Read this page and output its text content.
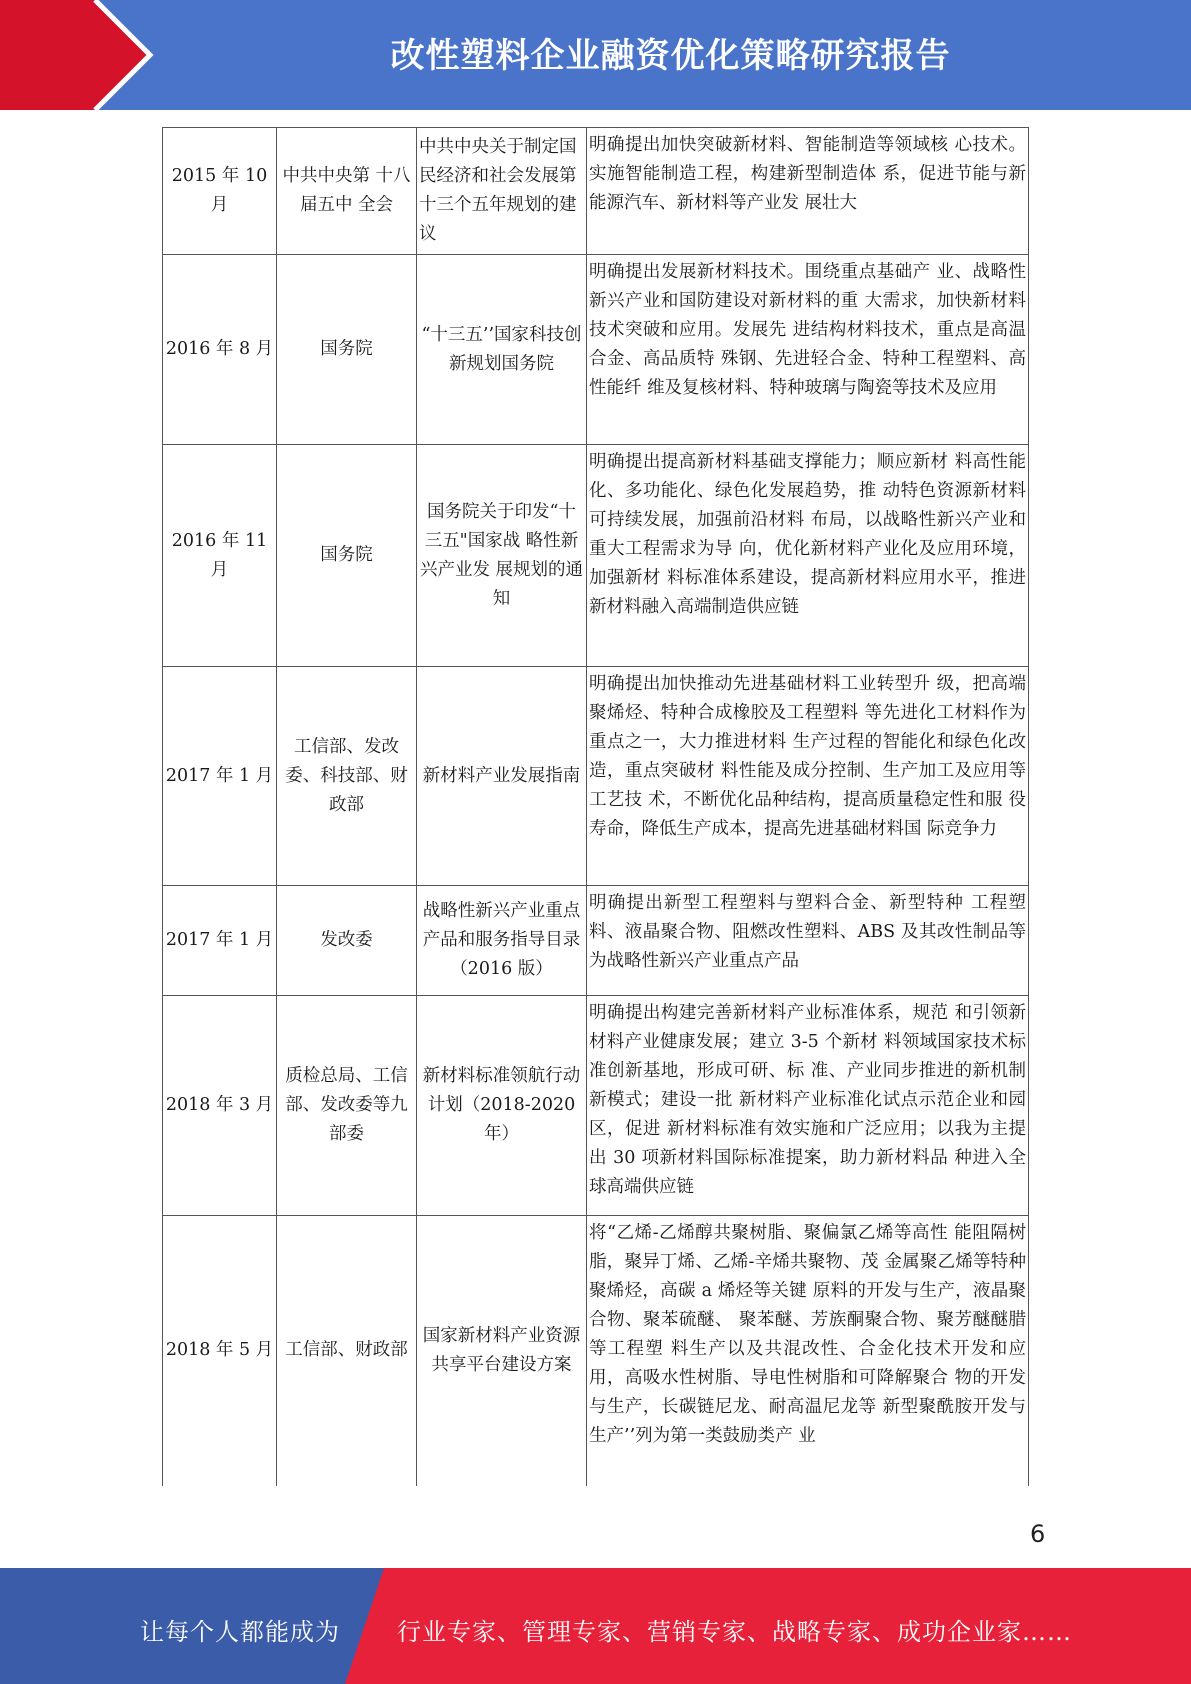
改性塑料企业融资优化策略研究报告
2015 年 10 月	中共中央第 十八届五中 全会	中共中央关于制定国民经济和社会发展第十三个五年规划的建议	明确提出加快突破新材料、智能制造等领域核 心技术。实施智能制造工程，构建新型制造体 系，促进节能与新能源汽车、新材料等产业发 展壮大
2016 年 8 月	国务院	“十三五’’国家科技创新规划国务院	明确提出发展新材料技术。围绕重点基础产 业、战略性新兴产业和国防建设对新材料的重 大需求，加快新材料技术突破和应用。发展先 进结构材料技术，重点是高温合金、高品质特 殊钢、先进轻合金、特种工程塑料、高性能纤 维及复核材料、特种玻璃与陶瓷等技术及应用
2016 年 11 月	国务院	国务院关于印发“十三五"国家战 略性新兴产业发 展规划的通知	明确提出提高新材料基础支撑能力；顺应新材 料高性能化、多功能化、绿色化发展趋势，推 动特色资源新材料可持续发展，加强前沿材料 布局，以战略性新兴产业和重大工程需求为导 向，优化新材料产业化及应用环境，加强新材 料标准体系建设，提高新材料应用水平，推进 新材料融入高端制造供应链
2017 年 1 月	工信部、发改委、科技部、财政部	新材料产业发展指南	明确提出加快推动先进基础材料工业转型升 级，把高端聚烯烃、特种合成橡胶及工程塑料 等先进化工材料作为重点之一，大力推进材料 生产过程的智能化和绿色化改造，重点突破材 料性能及成分控制、生产加工及应用等工艺技 术，不断优化品种结构，提高质量稳定性和服 役寿命，降低生产成本，提高先进基础材料国 际竞争力
2017 年 1 月	发改委	战略性新兴产业重点产品和服务指导目录（2016 版）	明确提出新型工程塑料与塑料合金、新型特种 工程塑料、液晶聚合物、阻燃改性塑料、ABS 及其改性制品等为战略性新兴产业重点产品
2018 年 3 月	质检总局、工信部、发改委等九部委	新材料标准领航行动计划（2018-2020 年）	明确提出构建完善新材料产业标准体系，规范 和引领新材料产业健康发展；建立 3-5 个新材 料领域国家技术标准创新基地，形成可研、标 准、产业同步推进的新机制新模式；建设一批 新材料产业标准化试点示范企业和园区，促进 新材料标准有效实施和广泛应用；以我为主提 出 30 项新材料国际标准提案，助力新材料品 种进入全球高端供应链
2018 年 5 月	工信部、财政部	国家新材料产业资源共享平台建设方案	将“乙烯-乙烯醇共聚树脂、聚偏氯乙烯等高性 能阻隔树脂，聚异丁烯、乙烯-辛烯共聚物、茂 金属聚乙烯等特种聚烯烃，高碳 a 烯烃等关键 原料的开发与生产，液晶聚合物、聚苯硫醚、 聚苯醚、芳族酮聚合物、聚芳醚醚腊等工程塑 料生产以及共混改性、合金化技术开发和应 用，高吸水性树脂、导电性树脂和可降解聚合 物的开发与生产，长碳链尼龙、耐高温尼龙等 新型聚酰胺开发与生产’’列为第一类鼓励类产 业
6
让每个人都能成为 行业专家、管理专家、营销专家、战略专家、成功企业家……
